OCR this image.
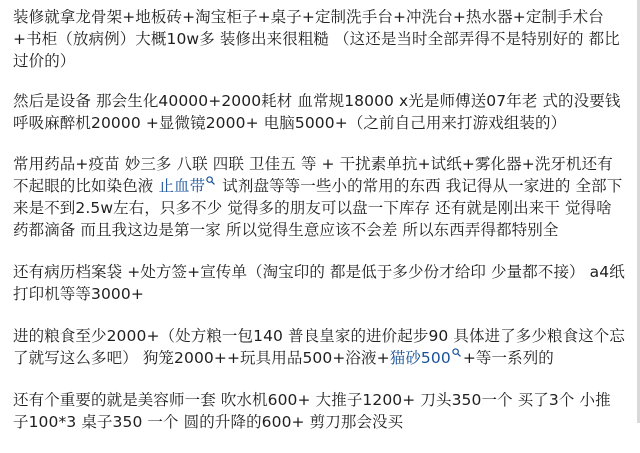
装修就拿龙骨架+地板砖+淘宝柜子+桌子+定制洗手台+冲洗台+热水器+定制手术台+书柜（放病例）大概10w多 装修出来很粗糙 （这还是当时全部弄得不是特别好的 都比过价的）

然后是设备 那会生化40000+2000耗材 血常规18000 x光是师傅送07年老 式的没要钱 呼吸麻醉机20000 +显微镜2000+ 电脑5000+（之前自己用来打游戏组装的）

常用药品+疫苗 妙三多 八联 四联 卫佳五 等 + 干扰素单抗+试纸+雾化器+洗牙机还有不起眼的比如染色液 止血带 试剂盘等等一些小的常用的东西 我记得从一家进的 全部下来是不到2.5w左右，只多不少 觉得多的朋友可以盘一下库存 还有就是刚出来干 觉得啥药都滴备 而且我这边是第一家 所以觉得生意应该不会差 所以东西弄得都特别全

还有病历档案袋 +处方签+宣传单（淘宝印的 都是低于多少份才给印 少量都不接） a4纸 打印机等等3000+

进的粮食至少2000+（处方粮一包140 普良皇家的进价起步90 具体进了多少粮食这个忘了就写这么多吧） 狗笼2000++玩具用品500+浴液+猫砂500 +等一系列的

还有个重要的就是美容师一套 吹水机600+ 大推子1200+ 刀头350一个 买了3个 小推子100*3 桌子350 一个 圆的升降的600+ 剪刀那会没买
